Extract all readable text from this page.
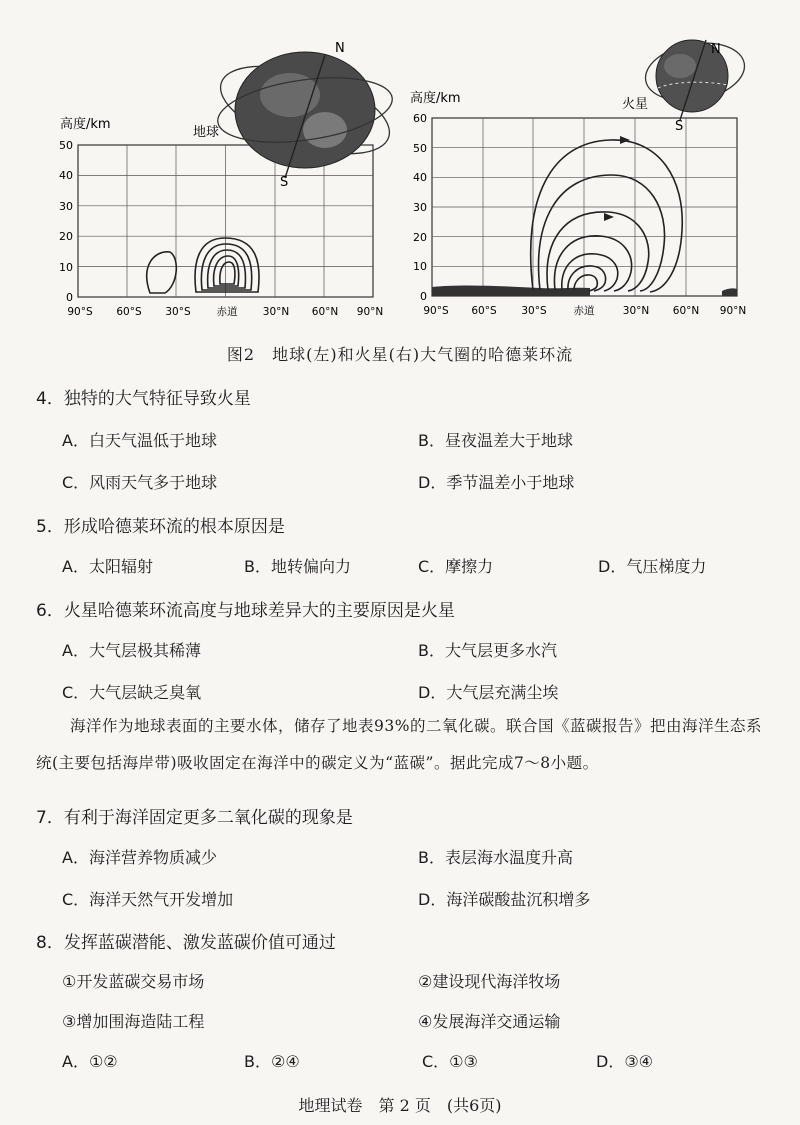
高度/km
50
40
30
20
10
0
90°S 60°S 30°S 赤道 30°N 60°N 90°N
N
S
地球
高度/km
60
50
40
30
20
10
0
90°S 60°S 30°S	赤道	30°N 60°N 90°N
N
S
火星
图2　地球(左)和火星(右)大气圈的哈德莱环流
4．独特的大气特征导致火星
A．白天气温低于地球	B．昼夜温差大于地球
C．风雨天气多于地球	D．季节温差小于地球
5．形成哈德莱环流的根本原因是
A．太阳辐射	B．地转偏向力	C．摩擦力	D．气压梯度力
6．火星哈德莱环流高度与地球差异大的主要原因是火星
A．大气层极其稀薄	B．大气层更多水汽
C．大气层缺乏臭氧	D．大气层充满尘埃
海洋作为地球表面的主要水体，储存了地表93%的二氧化碳。联合国《蓝碳报告》把由海洋生态系统(主要包括海岸带)吸收固定在海洋中的碳定义为“蓝碳”。据此完成7～8小题。
7．有利于海洋固定更多二氧化碳的现象是
A．海洋营养物质减少	B．表层海水温度升高
C．海洋天然气开发增加	D．海洋碳酸盐沉积增多
8．发挥蓝碳潜能、激发蓝碳价值可通过
①开发蓝碳交易市场	②建设现代海洋牧场
③增加围海造陆工程	④发展海洋交通运输
A．①②	B．②④	C．①③	D．③④
地理试卷　第 2 页　(共6页)
